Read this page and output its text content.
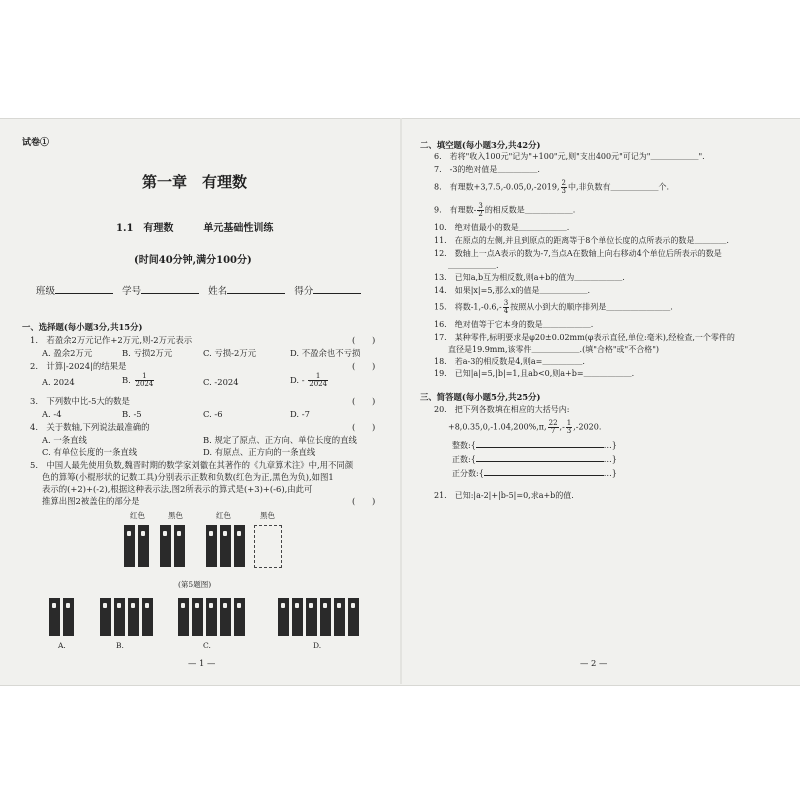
试卷①
第一章　有理数
1.1　有理数　　　单元基础性训练
(时间40分钟,满分100分)
班级	学号	姓名	得分
一、选择题(每小题3分,共15分)
1.　若盈余2万元记作+2万元,则-2万元表示	(　　)
A. 盈余2万元	B. 亏损2万元	C. 亏损-2万元	D. 不盈余也不亏损
2.　计算|-2024|的结果是	(　　)
A. 2024	B. $\frac{1}{2024}$	C. -2024	D. - $\frac{1}{2024}$
3.　下列数中比-5大的数是	(　　)
A. -4	B. -5	C. -6	D. -7
4.　关于数轴,下列说法最准确的	(　　)
A. 一条直线	B. 规定了原点、正方向、单位长度的直线
C. 有单位长度的一条直线	D. 有原点、正方向的一条直线
5.　中国人最先使用负数,魏晋时期的数学家刘徽在其著作的《九章算术注》中,用不同颜
色的算筹(小棍形状的记数工具)分别表示正数和负数(红色为正,黑色为负),如图1
表示的(+2)+(-2),根据这种表示法,图2所表示的算式是(+3)+(-6),由此可
推算出图2被盖住的部分是	(　　)
红色	黑色	红色	黑色
(第5题图)
A.	B.	C.	D.
— 1 —
二、填空题(每小题3分,共42分)
6.　若将"收入100元"记为"+100"元,则"支出400元"可记为"＿＿＿＿＿＿".
7.　-3的绝对值是＿＿＿＿＿.
8.　有理数+3,7.5,-0.05,0,-2019, $\frac{2}{3}$ 中,非负数有＿＿＿＿＿＿个.
9.　有理数- $\frac{3}{2}$ 的相反数是＿＿＿＿＿＿.
10.　绝对值最小的数是＿＿＿＿＿＿.
11.　在原点的左侧,并且到原点的距离等于8个单位长度的点所表示的数是＿＿＿＿.
12.　数轴上一点A表示的数为-7,当点A在数轴上向右移动4个单位后所表示的数是
＿＿＿＿＿＿.
13.　已知a,b互为相反数,则a+b的值为＿＿＿＿＿＿.
14.　如果|x|=5,那么x的值是＿＿＿＿＿＿.
15.　将数$-1,-0.6,- \frac{3}{4}$ 按照从小到大的顺序排列是＿＿＿＿＿＿＿＿.
16.　绝对值等于它本身的数是＿＿＿＿＿＿.
17.　某种零件,标明要求是φ20±0.02mm(φ表示直径,单位:毫米),经检查,一个零件的
直径是19.9mm,该零件＿＿＿＿＿＿.(填"合格"或"不合格")
18.　若a-3的相反数是4,则a=＿＿＿＿＿.
19.　已知|a|=5,|b|=1,且ab<0,则a+b=＿＿＿＿＿＿.
三、简答题(每小题5分,共25分)
20.　把下列各数填在相应的大括号内:
+8,0.35,0,-1.04,200%,π, $\frac{22}{7}$ ,- $\frac{1}{3} ,-2020$.
整数:{	…}
正数:{	…}
正分数:{	…}
21.　已知:|a-2|+|b-5|=0,求a+b的值.
— 2 —
